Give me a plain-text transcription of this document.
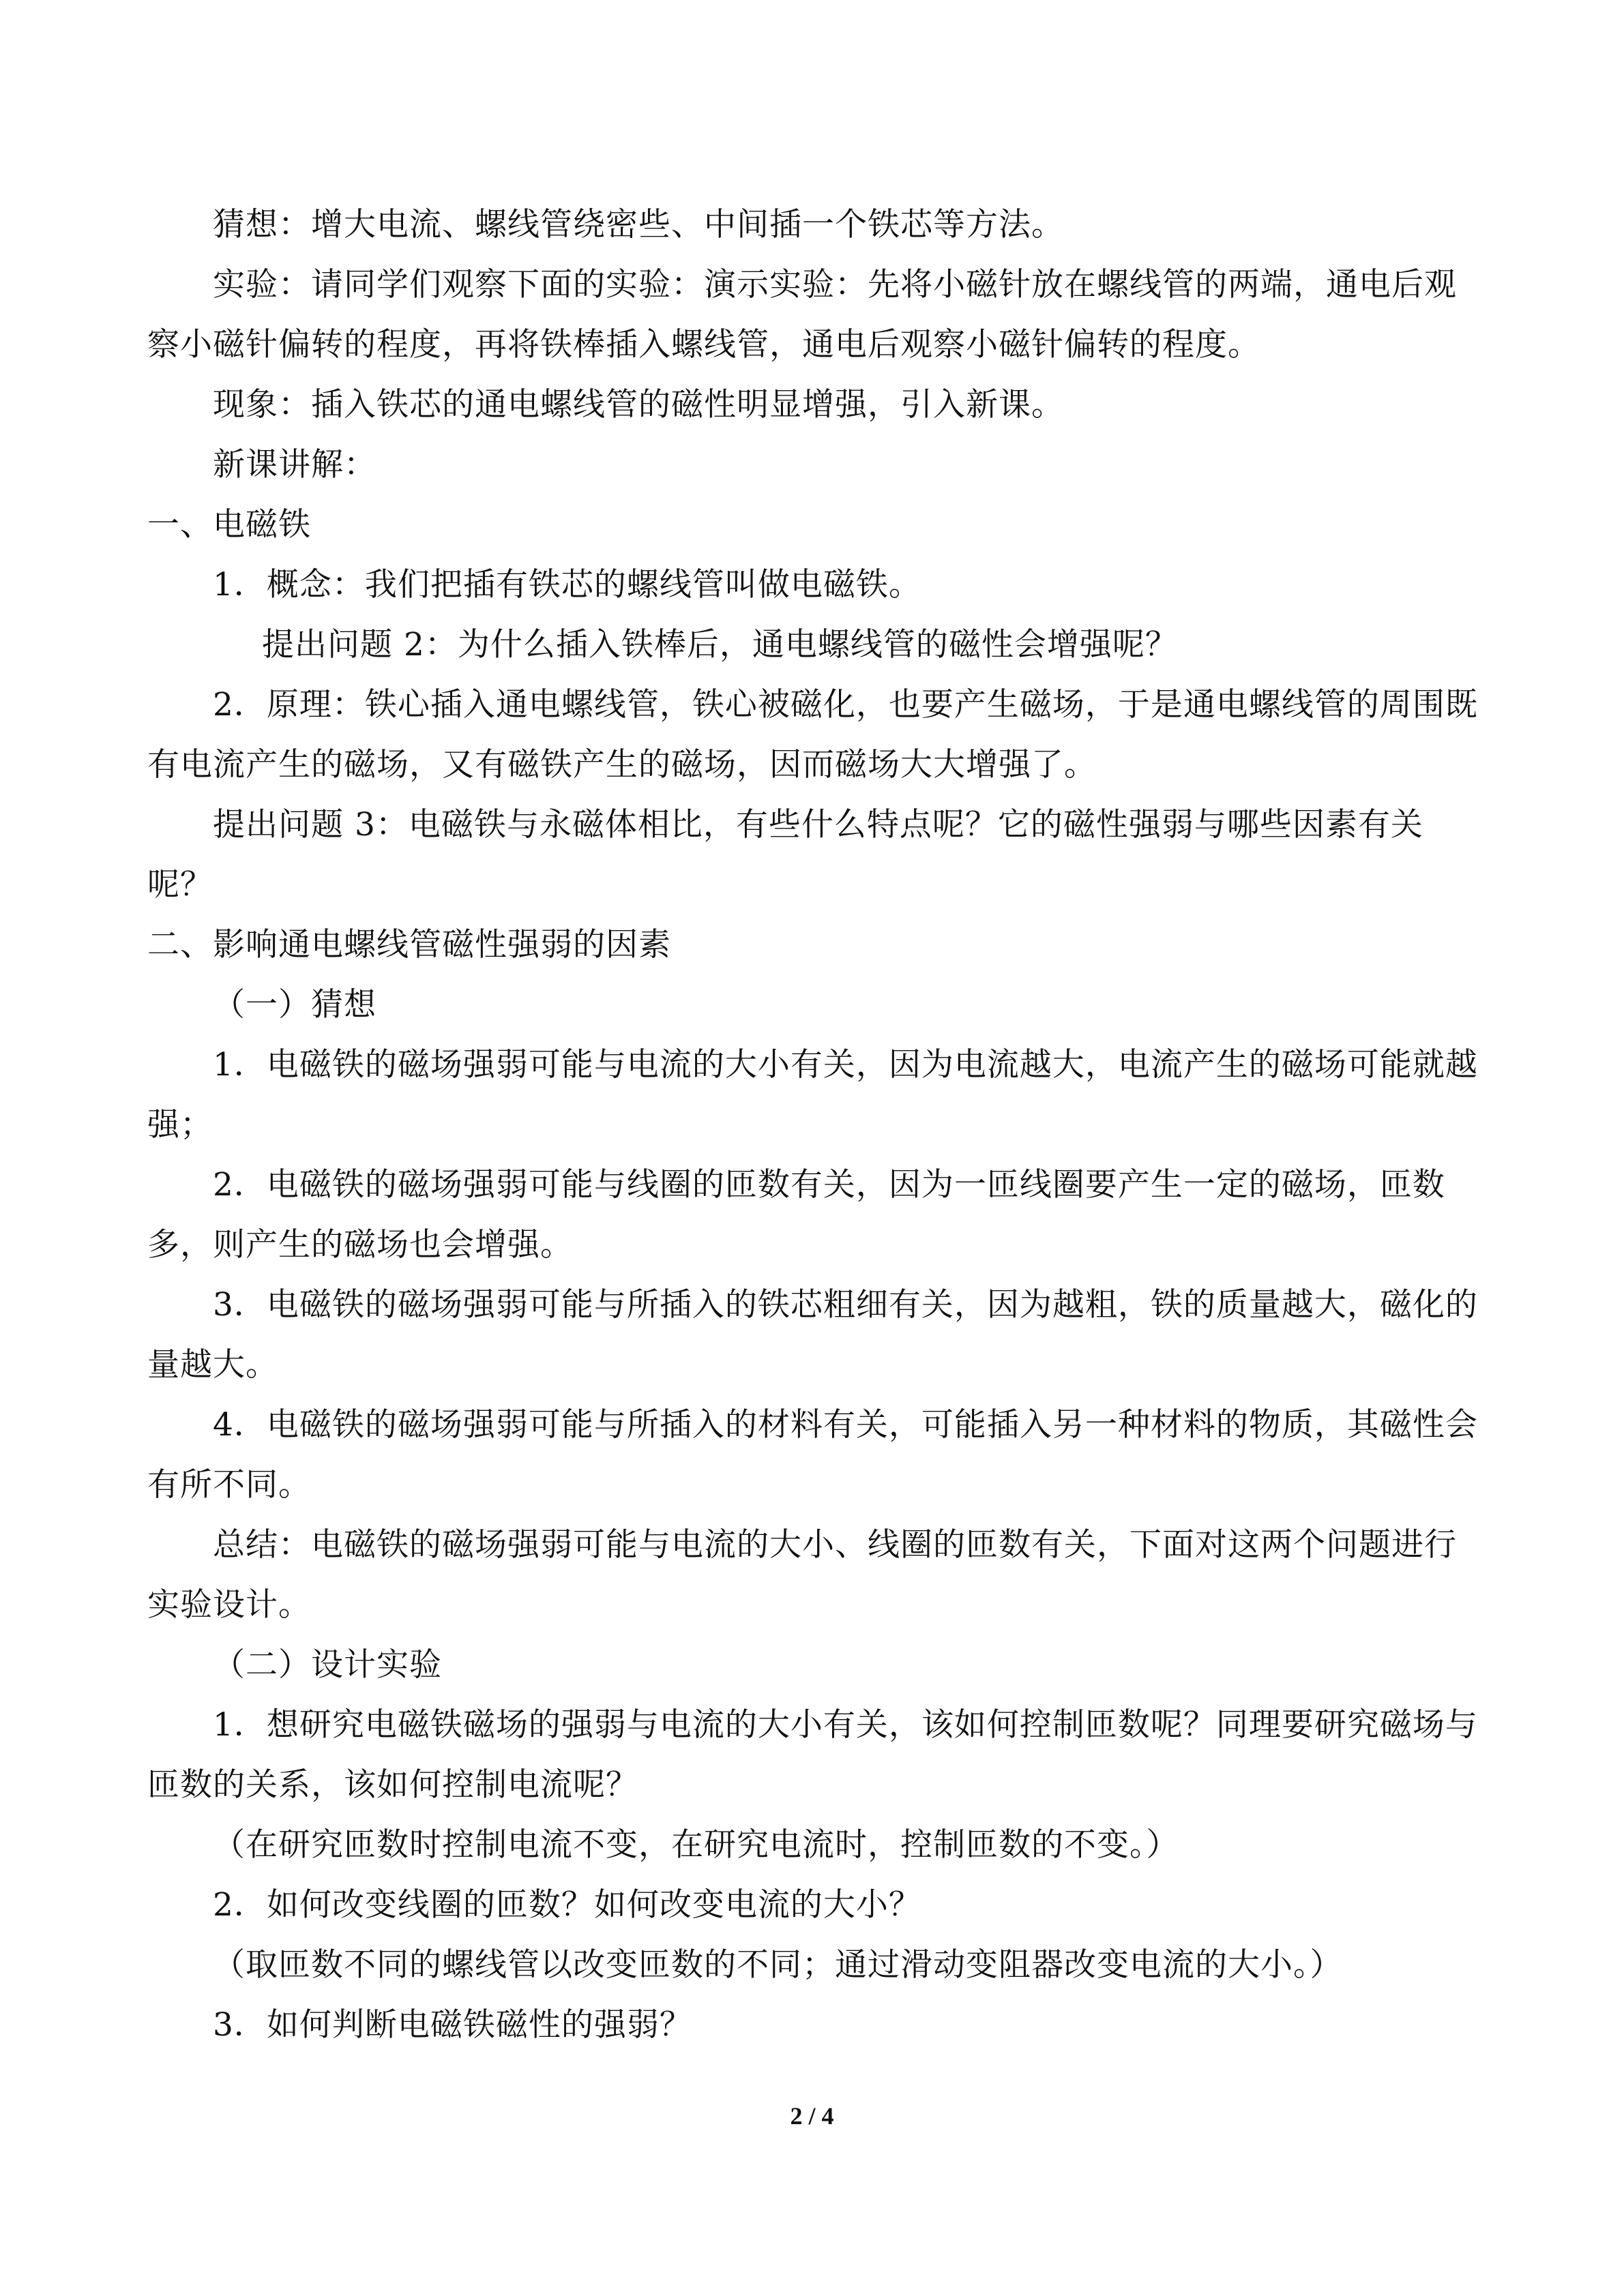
猜想：增大电流、螺线管绕密些、中间插一个铁芯等方法。
实验：请同学们观察下面的实验：演示实验：先将小磁针放在螺线管的两端，通电后观
察小磁针偏转的程度，再将铁棒插入螺线管，通电后观察小磁针偏转的程度。
现象：插入铁芯的通电螺线管的磁性明显增强，引入新课。
新课讲解：
一、电磁铁
1．概念：我们把插有铁芯的螺线管叫做电磁铁。
提出问题 2：为什么插入铁棒后，通电螺线管的磁性会增强呢？
2．原理：铁心插入通电螺线管，铁心被磁化，也要产生磁场，于是通电螺线管的周围既
有电流产生的磁场，又有磁铁产生的磁场，因而磁场大大增强了。
提出问题 3：电磁铁与永磁体相比，有些什么特点呢？它的磁性强弱与哪些因素有关
呢？
二、影响通电螺线管磁性强弱的因素
（一）猜想
1．电磁铁的磁场强弱可能与电流的大小有关，因为电流越大，电流产生的磁场可能就越
强；
2．电磁铁的磁场强弱可能与线圈的匝数有关，因为一匝线圈要产生一定的磁场，匝数
多，则产生的磁场也会增强。
3．电磁铁的磁场强弱可能与所插入的铁芯粗细有关，因为越粗，铁的质量越大，磁化的
量越大。
4．电磁铁的磁场强弱可能与所插入的材料有关，可能插入另一种材料的物质，其磁性会
有所不同。
总结：电磁铁的磁场强弱可能与电流的大小、线圈的匝数有关，下面对这两个问题进行
实验设计。
（二）设计实验
1．想研究电磁铁磁场的强弱与电流的大小有关，该如何控制匝数呢？同理要研究磁场与
匝数的关系，该如何控制电流呢？
（在研究匝数时控制电流不变，在研究电流时，控制匝数的不变。）
2．如何改变线圈的匝数？如何改变电流的大小？
（取匝数不同的螺线管以改变匝数的不同；通过滑动变阻器改变电流的大小。）
3．如何判断电磁铁磁性的强弱？
2 / 4
